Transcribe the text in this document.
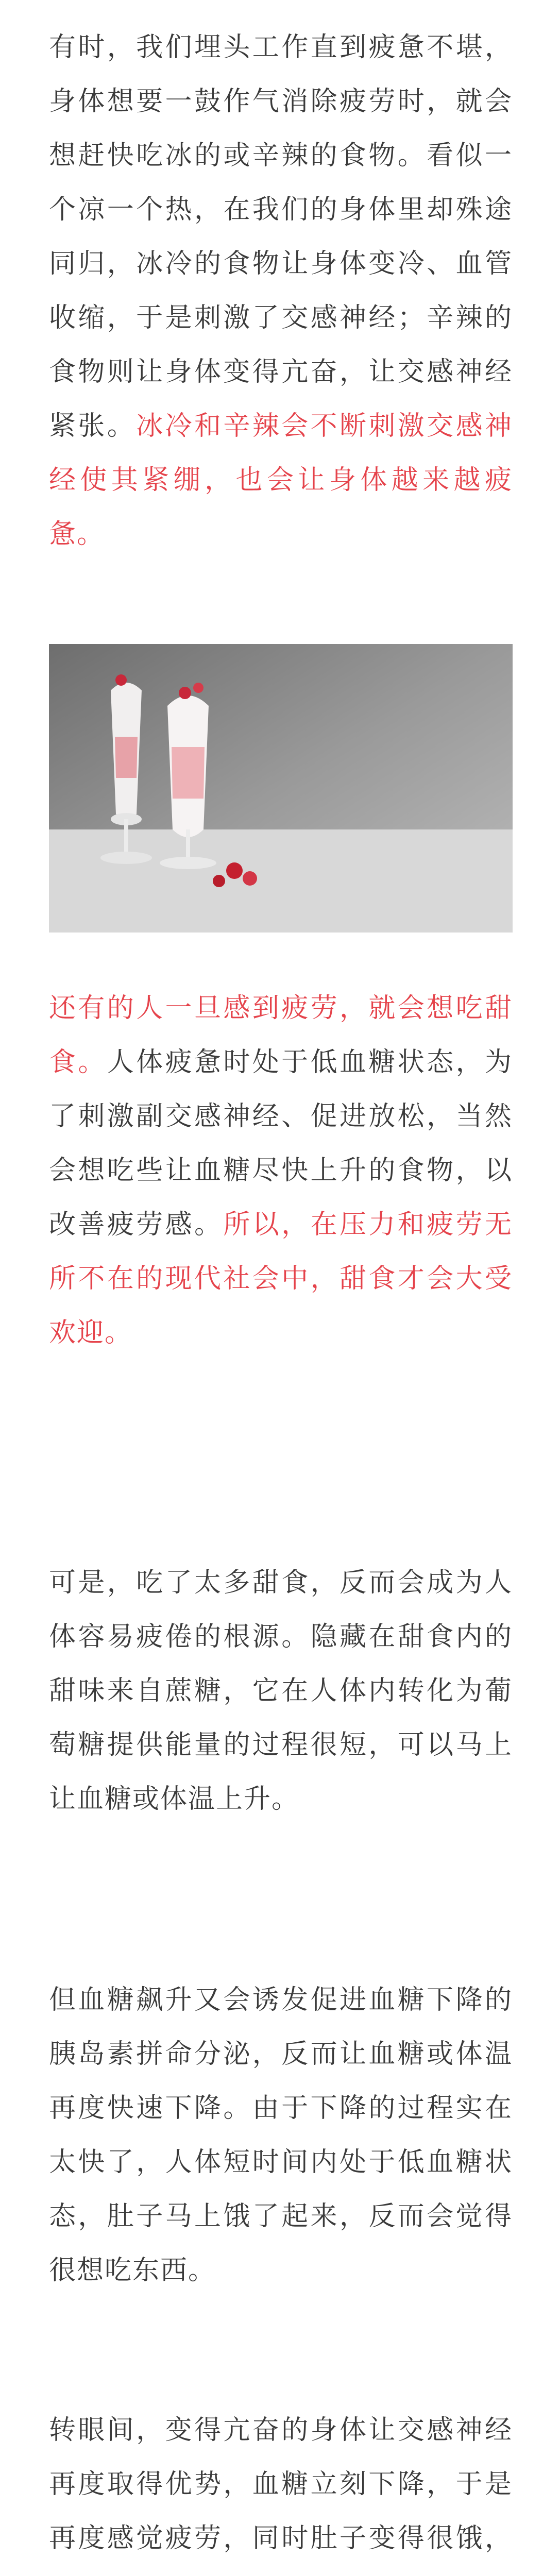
有时，我们埋头工作直到疲惫不堪，身体想要一鼓作气消除疲劳时，就会想赶快吃冰的或辛辣的食物。看似一个凉一个热，在我们的身体里却殊途同归，冰冷的食物让身体变冷、血管收缩，于是刺激了交感神经；辛辣的食物则让身体变得亢奋，让交感神经紧张。冰冷和辛辣会不断刺激交感神经使其紧绷，也会让身体越来越疲惫。

还有的人一旦感到疲劳，就会想吃甜食。人体疲惫时处于低血糖状态，为了刺激副交感神经、促进放松，当然会想吃些让血糖尽快上升的食物，以改善疲劳感。所以，在压力和疲劳无所不在的现代社会中，甜食才会大受欢迎。

可是，吃了太多甜食，反而会成为人体容易疲倦的根源。隐藏在甜食内的甜味来自蔗糖，它在人体内转化为葡萄糖提供能量的过程很短，可以马上让血糖或体温上升。

但血糖飙升又会诱发促进血糖下降的胰岛素拼命分泌，反而让血糖或体温再度快速下降。由于下降的过程实在太快了，人体短时间内处于低血糖状态，肚子马上饿了起来，反而会觉得很想吃东西。

转眼间，变得亢奋的身体让交感神经再度取得优势，血糖立刻下降，于是再度感觉疲劳，同时肚子变得很饿，
